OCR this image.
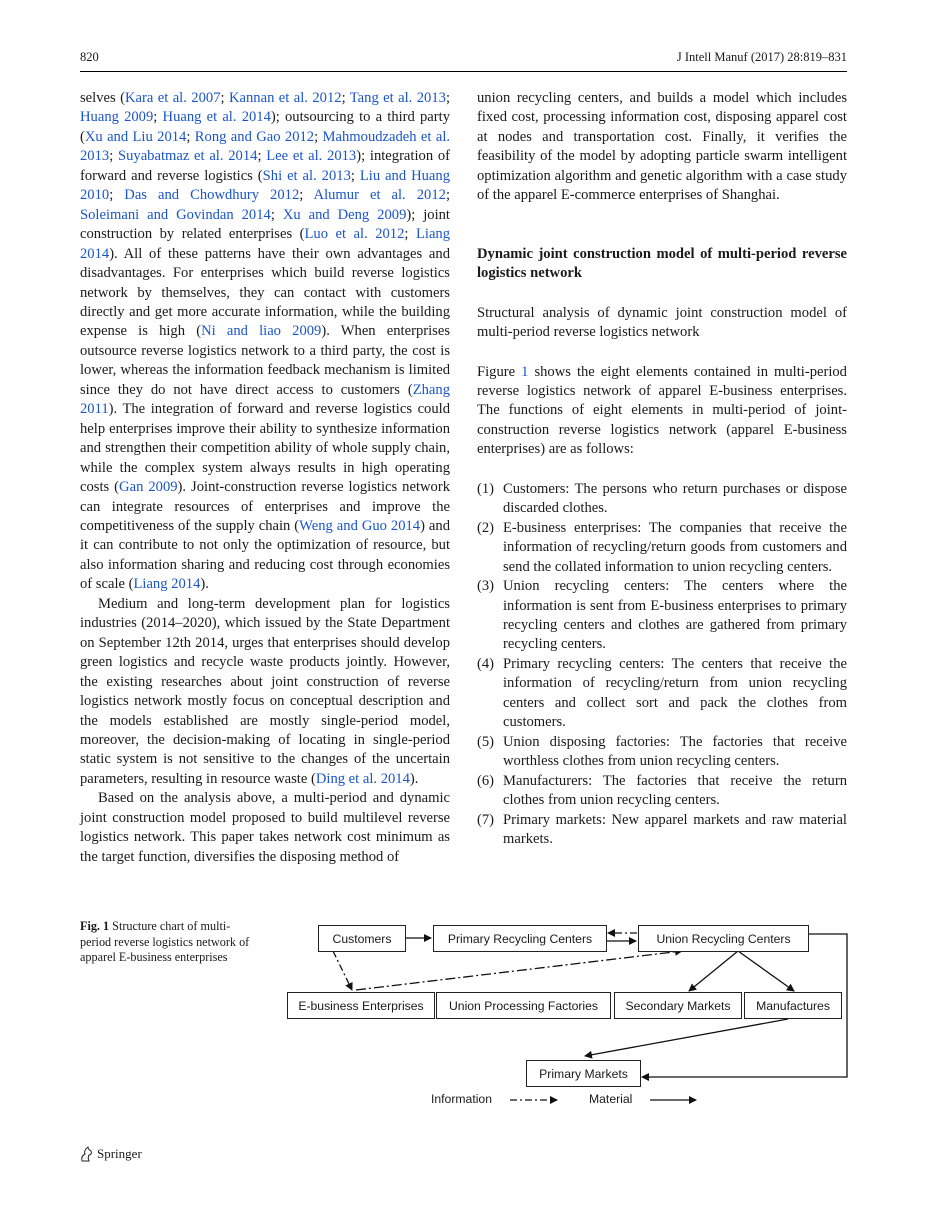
820	J Intell Manuf (2017) 28:819–831

selves (Kara et al. 2007; Kannan et al. 2012; Tang et al. 2013; Huang 2009; Huang et al. 2014); outsourcing to a third party (Xu and Liu 2014; Rong and Gao 2012; Mahmoudzadeh et al. 2013; Suyabatmaz et al. 2014; Lee et al. 2013); integration of forward and reverse logistics (Shi et al. 2013; Liu and Huang 2010; Das and Chowdhury 2012; Alumur et al. 2012; Soleimani and Govindan 2014; Xu and Deng 2009); joint construction by related enterprises (Luo et al. 2012; Liang 2014). All of these patterns have their own advantages and disadvantages. For enterprises which build reverse logistics network by themselves, they can contact with customers directly and get more accurate information, while the building expense is high (Ni and liao 2009). When enterprises outsource reverse logistics network to a third party, the cost is lower, whereas the information feedback mechanism is limited since they do not have direct access to customers (Zhang 2011). The integration of forward and reverse logistics could help enterprises improve their ability to synthesize information and strengthen their competition ability of whole supply chain, while the complex system always results in high operating costs (Gan 2009). Joint-construction reverse logistics network can integrate resources of enterprises and improve the competitiveness of the supply chain (Weng and Guo 2014) and it can contribute to not only the optimization of resource, but also information sharing and reducing cost through economies of scale (Liang 2014).

Medium and long-term development plan for logistics industries (2014–2020), which issued by the State Department on September 12th 2014, urges that enterprises should develop green logistics and recycle waste products jointly. However, the existing researches about joint construction of reverse logistics network mostly focus on conceptual description and the models established are mostly single-period model, moreover, the decision-making of locating in single-period static system is not sensitive to the changes of the uncertain parameters, resulting in resource waste (Ding et al. 2014).

Based on the analysis above, a multi-period and dynamic joint construction model proposed to build multilevel reverse logistics network. This paper takes network cost minimum as the target function, diversifies the disposing method of

union recycling centers, and builds a model which includes fixed cost, processing information cost, disposing apparel cost at nodes and transportation cost. Finally, it verifies the feasibility of the model by adopting particle swarm intelligent optimization algorithm and genetic algorithm with a case study of the apparel E-commerce enterprises of Shanghai.

Dynamic joint construction model of multi-period reverse logistics network

Structural analysis of dynamic joint construction model of multi-period reverse logistics network

Figure 1 shows the eight elements contained in multi-period reverse logistics network of apparel E-business enterprises. The functions of eight elements in multi-period of joint-construction reverse logistics network (apparel E-business enterprises) are as follows:

(1) Customers: The persons who return purchases or dispose discarded clothes.
(2) E-business enterprises: The companies that receive the information of recycling/return goods from customers and send the collated information to union recycling centers.
(3) Union recycling centers: The centers where the information is sent from E-business enterprises to primary recycling centers and clothes are gathered from primary recycling centers.
(4) Primary recycling centers: The centers that receive the information of recycling/return from union recycling centers and collect sort and pack the clothes from customers.
(5) Union disposing factories: The factories that receive worthless clothes from union recycling centers.
(6) Manufacturers: The factories that receive the return clothes from union recycling centers.
(7) Primary markets: New apparel markets and raw material markets.
Fig. 1 Structure chart of multi-period reverse logistics network of apparel E-business enterprises
Customers	Primary Recycling Centers	Union Recycling Centers
E-business Enterprises	Union Processing Factories	Secondary Markets	Manufactures
Primary Markets
Information	Material
Springer
